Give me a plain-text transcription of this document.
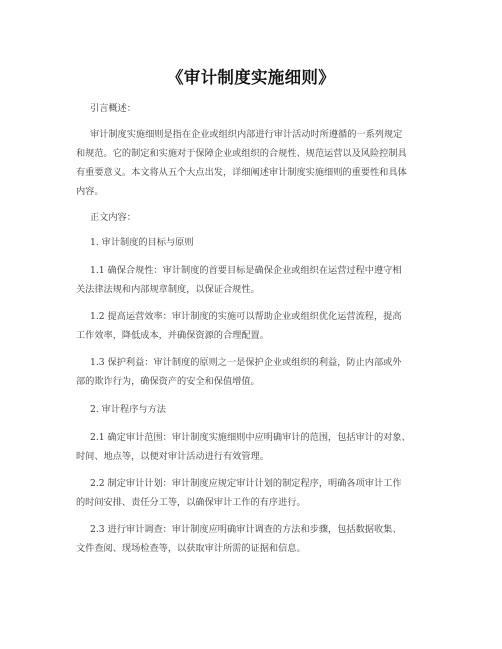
《审计制度实施细则》
引言概述：
审计制度实施细则是指在企业或组织内部进行审计活动时所遵循的一系列规定
和规范。它的制定和实施对于保障企业或组织的合规性、规范运营以及风险控制具
有重要意义。本文将从五个大点出发，详细阐述审计制度实施细则的重要性和具体
内容。
正文内容：
1. 审计制度的目标与原则
1.1 确保合规性：审计制度的首要目标是确保企业或组织在运营过程中遵守相
关法律法规和内部规章制度，以保证合规性。
1.2 提高运营效率：审计制度的实施可以帮助企业或组织优化运营流程，提高
工作效率，降低成本，并确保资源的合理配置。
1.3 保护利益：审计制度的原则之一是保护企业或组织的利益，防止内部或外
部的欺诈行为，确保资产的安全和保值增值。
2. 审计程序与方法
2.1 确定审计范围：审计制度实施细则中应明确审计的范围，包括审计的对象、
时间、地点等，以便对审计活动进行有效管理。
2.2 制定审计计划：审计制度应规定审计计划的制定程序，明确各项审计工作
的时间安排、责任分工等，以确保审计工作的有序进行。
2.3 进行审计调查：审计制度应明确审计调查的方法和步骤，包括数据收集、
文件查阅、现场检查等，以获取审计所需的证据和信息。
